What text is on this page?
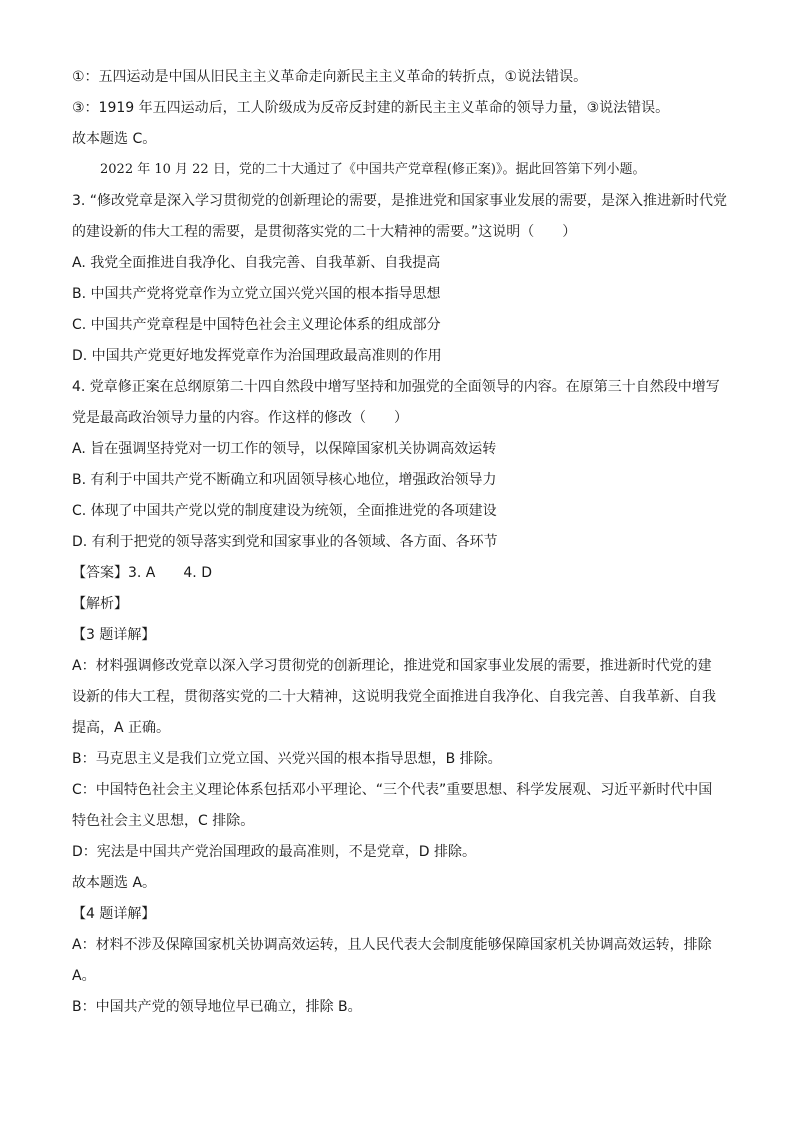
①：五四运动是中国从旧民主主义革命走向新民主主义革命的转折点，①说法错误。
③：1919 年五四运动后，工人阶级成为反帝反封建的新民主主义革命的领导力量，③说法错误。
故本题选 C。
2022 年 10 月 22 日，党的二十大通过了《中国共产党章程(修正案)》。据此回答第下列小题。
3. “修改党章是深入学习贯彻党的创新理论的需要，是推进党和国家事业发展的需要，是深入推进新时代党
的建设新的伟大工程的需要，是贯彻落实党的二十大精神的需要。”这说明（　　）
A. 我党全面推进自我净化、自我完善、自我革新、自我提高
B. 中国共产党将党章作为立党立国兴党兴国的根本指导思想
C. 中国共产党章程是中国特色社会主义理论体系的组成部分
D. 中国共产党更好地发挥党章作为治国理政最高准则的作用
4. 党章修正案在总纲原第二十四自然段中增写坚持和加强党的全面领导的内容。在原第三十自然段中增写
党是最高政治领导力量的内容。作这样的修改（　　）
A. 旨在强调坚持党对一切工作的领导，以保障国家机关协调高效运转
B. 有利于中国共产党不断确立和巩固领导核心地位，增强政治领导力
C. 体现了中国共产党以党的制度建设为统领，全面推进党的各项建设
D. 有利于把党的领导落实到党和国家事业的各领域、各方面、各环节
【答案】3. A　　4. D
【解析】
【3 题详解】
A：材料强调修改党章以深入学习贯彻党的创新理论，推进党和国家事业发展的需要，推进新时代党的建
设新的伟大工程，贯彻落实党的二十大精神，这说明我党全面推进自我净化、自我完善、自我革新、自我
提高，A 正确。
B：马克思主义是我们立党立国、兴党兴国的根本指导思想，B 排除。
C：中国特色社会主义理论体系包括邓小平理论、“三个代表”重要思想、科学发展观、习近平新时代中国
特色社会主义思想，C 排除。
D：宪法是中国共产党治国理政的最高准则，不是党章，D 排除。
故本题选 A。
【4 题详解】
A：材料不涉及保障国家机关协调高效运转，且人民代表大会制度能够保障国家机关协调高效运转，排除
A。
B：中国共产党的领导地位早已确立，排除 B。
